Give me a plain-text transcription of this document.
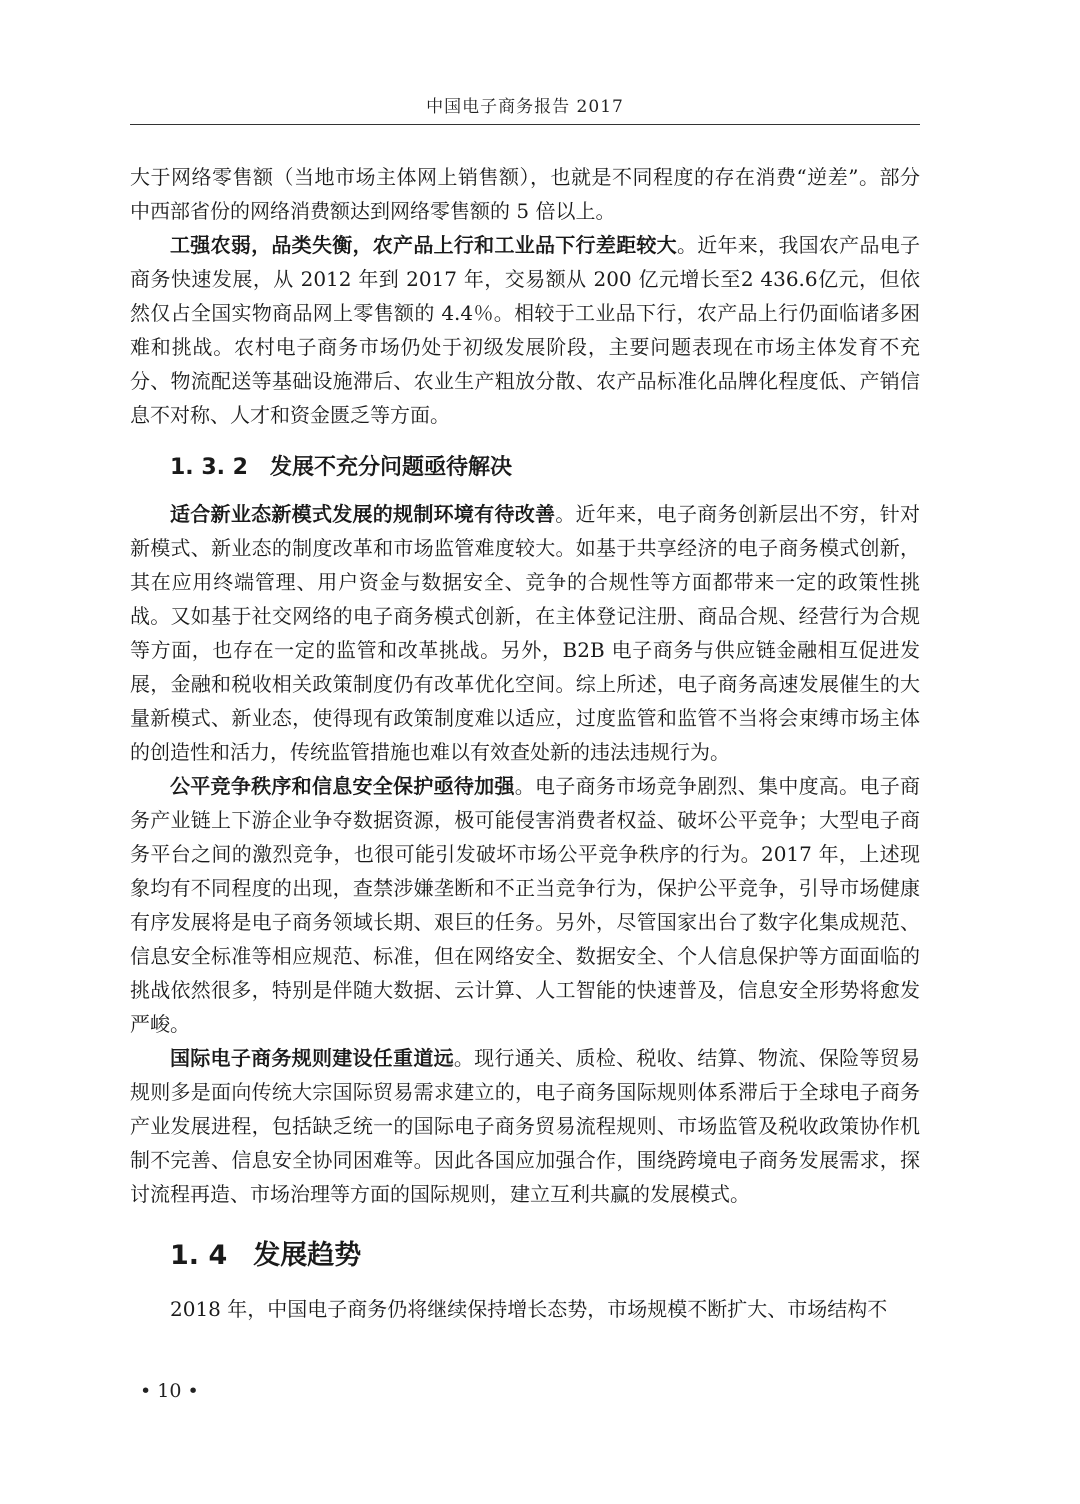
中国电子商务报告 2017

大于网络零售额（当地市场主体网上销售额），也就是不同程度的存在消费“逆差”。部分中西部省份的网络消费额达到网络零售额的 5 倍以上。

工强农弱，品类失衡，农产品上行和工业品下行差距较大。近年来，我国农产品电子商务快速发展，从 2012 年到 2017 年，交易额从 200 亿元增长至2 436.6亿元，但依然仅占全国实物商品网上零售额的 4.4％。相较于工业品下行，农产品上行仍面临诸多困难和挑战。农村电子商务市场仍处于初级发展阶段，主要问题表现在市场主体发育不充分、物流配送等基础设施滞后、农业生产粗放分散、农产品标准化品牌化程度低、产销信息不对称、人才和资金匮乏等方面。

1. 3. 2 发展不充分问题亟待解决

适合新业态新模式发展的规制环境有待改善。近年来，电子商务创新层出不穷，针对新模式、新业态的制度改革和市场监管难度较大。如基于共享经济的电子商务模式创新，其在应用终端管理、用户资金与数据安全、竞争的合规性等方面都带来一定的政策性挑战。又如基于社交网络的电子商务模式创新，在主体登记注册、商品合规、经营行为合规等方面，也存在一定的监管和改革挑战。另外，B2B 电子商务与供应链金融相互促进发展，金融和税收相关政策制度仍有改革优化空间。综上所述，电子商务高速发展催生的大量新模式、新业态，使得现有政策制度难以适应，过度监管和监管不当将会束缚市场主体的创造性和活力，传统监管措施也难以有效查处新的违法违规行为。

公平竞争秩序和信息安全保护亟待加强。电子商务市场竞争剧烈、集中度高。电子商务产业链上下游企业争夺数据资源，极可能侵害消费者权益、破坏公平竞争；大型电子商务平台之间的激烈竞争，也很可能引发破坏市场公平竞争秩序的行为。2017 年，上述现象均有不同程度的出现，查禁涉嫌垄断和不正当竞争行为，保护公平竞争，引导市场健康有序发展将是电子商务领域长期、艰巨的任务。另外，尽管国家出台了数字化集成规范、信息安全标准等相应规范、标准，但在网络安全、数据安全、个人信息保护等方面面临的挑战依然很多，特别是伴随大数据、云计算、人工智能的快速普及，信息安全形势将愈发严峻。

国际电子商务规则建设任重道远。现行通关、质检、税收、结算、物流、保险等贸易规则多是面向传统大宗国际贸易需求建立的，电子商务国际规则体系滞后于全球电子商务产业发展进程，包括缺乏统一的国际电子商务贸易流程规则、市场监管及税收政策协作机制不完善、信息安全协同困难等。因此各国应加强合作，围绕跨境电子商务发展需求，探讨流程再造、市场治理等方面的国际规则，建立互利共赢的发展模式。

1. 4 发展趋势

2018 年，中国电子商务仍将继续保持增长态势，市场规模不断扩大、市场结构不

• 10 •
